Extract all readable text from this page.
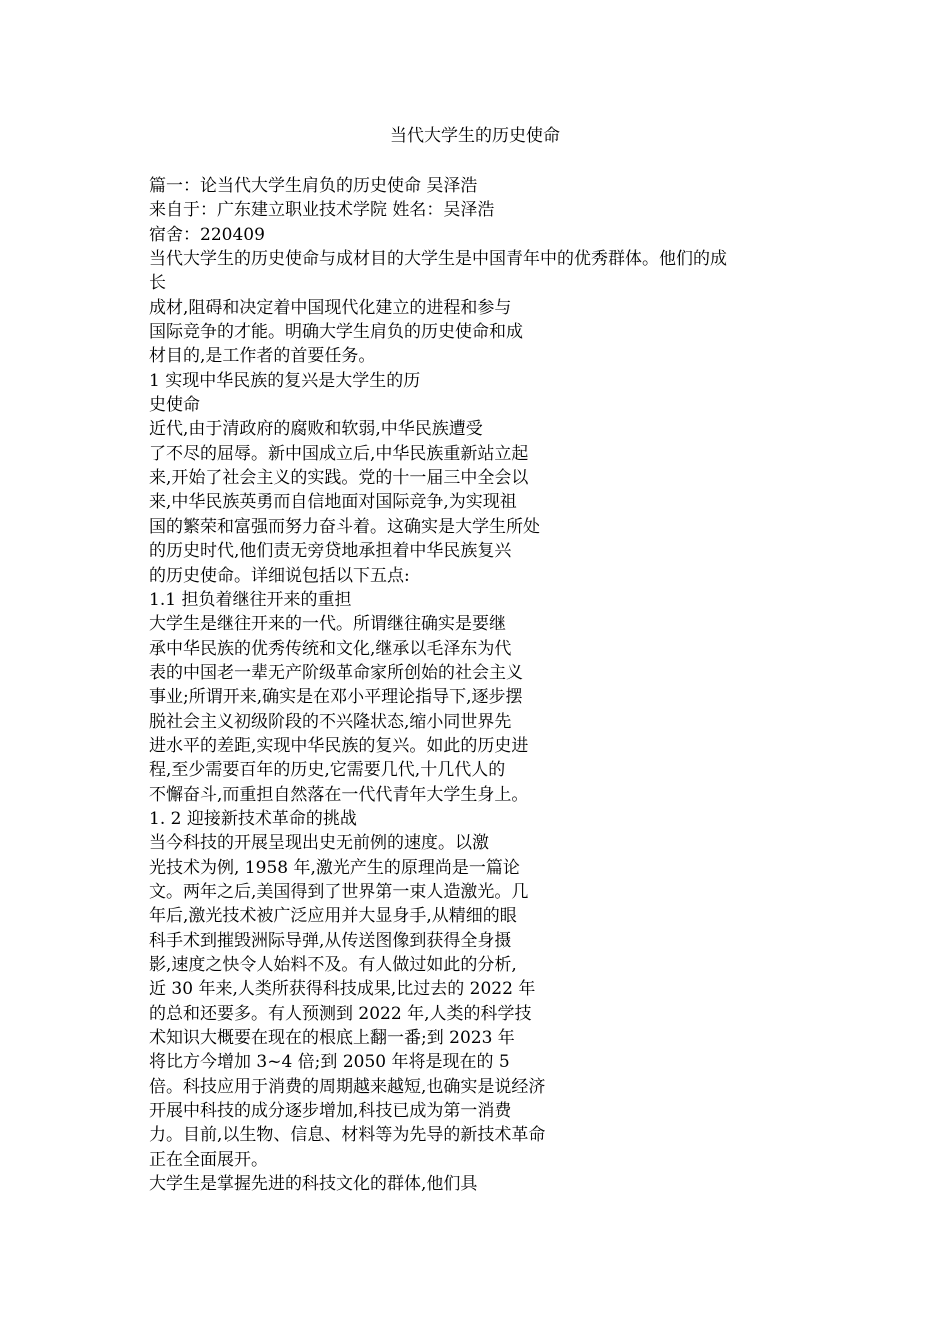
当代大学生的历史使命
篇一：论当代大学生肩负的历史使命 吴泽浩
来自于：广东建立职业技术学院 姓名：吴泽浩
宿舍：220409
当代大学生的历史使命与成材目的大学生是中国青年中的优秀群体。他们的成
长
成材,阻碍和决定着中国现代化建立的进程和参与
国际竞争的才能。明确大学生肩负的历史使命和成
材目的,是工作者的首要任务。
1 实现中华民族的复兴是大学生的历
史使命
近代,由于清政府的腐败和软弱,中华民族遭受
了不尽的屈辱。新中国成立后,中华民族重新站立起
来,开始了社会主义的实践。党的十一届三中全会以
来,中华民族英勇而自信地面对国际竞争,为实现祖
国的繁荣和富强而努力奋斗着。这确实是大学生所处
的历史时代,他们责无旁贷地承担着中华民族复兴
的历史使命。详细说包括以下五点:
1.1 担负着继往开来的重担
大学生是继往开来的一代。所谓继往确实是要继
承中华民族的优秀传统和文化,继承以毛泽东为代
表的中国老一辈无产阶级革命家所创始的社会主义
事业;所谓开来,确实是在邓小平理论指导下,逐步摆
脱社会主义初级阶段的不兴隆状态,缩小同世界先
进水平的差距,实现中华民族的复兴。如此的历史进
程,至少需要百年的历史,它需要几代,十几代人的
不懈奋斗,而重担自然落在一代代青年大学生身上。
1. 2 迎接新技术革命的挑战
当今科技的开展呈现出史无前例的速度。以激
光技术为例, 1958 年,激光产生的原理尚是一篇论
文。两年之后,美国得到了世界第一束人造激光。几
年后,激光技术被广泛应用并大显身手,从精细的眼
科手术到摧毁洲际导弹,从传送图像到获得全身摄
影,速度之快令人始料不及。有人做过如此的分析,
近 30 年来,人类所获得科技成果,比过去的 2022 年
的总和还要多。有人预测到 2022 年,人类的科学技
术知识大概要在现在的根底上翻一番;到 2023 年
将比方今增加 3~4 倍;到 2050 年将是现在的 5
倍。科技应用于消费的周期越来越短,也确实是说经济
开展中科技的成分逐步增加,科技已成为第一消费
力。目前,以生物、信息、材料等为先导的新技术革命
正在全面展开。
大学生是掌握先进的科技文化的群体,他们具
